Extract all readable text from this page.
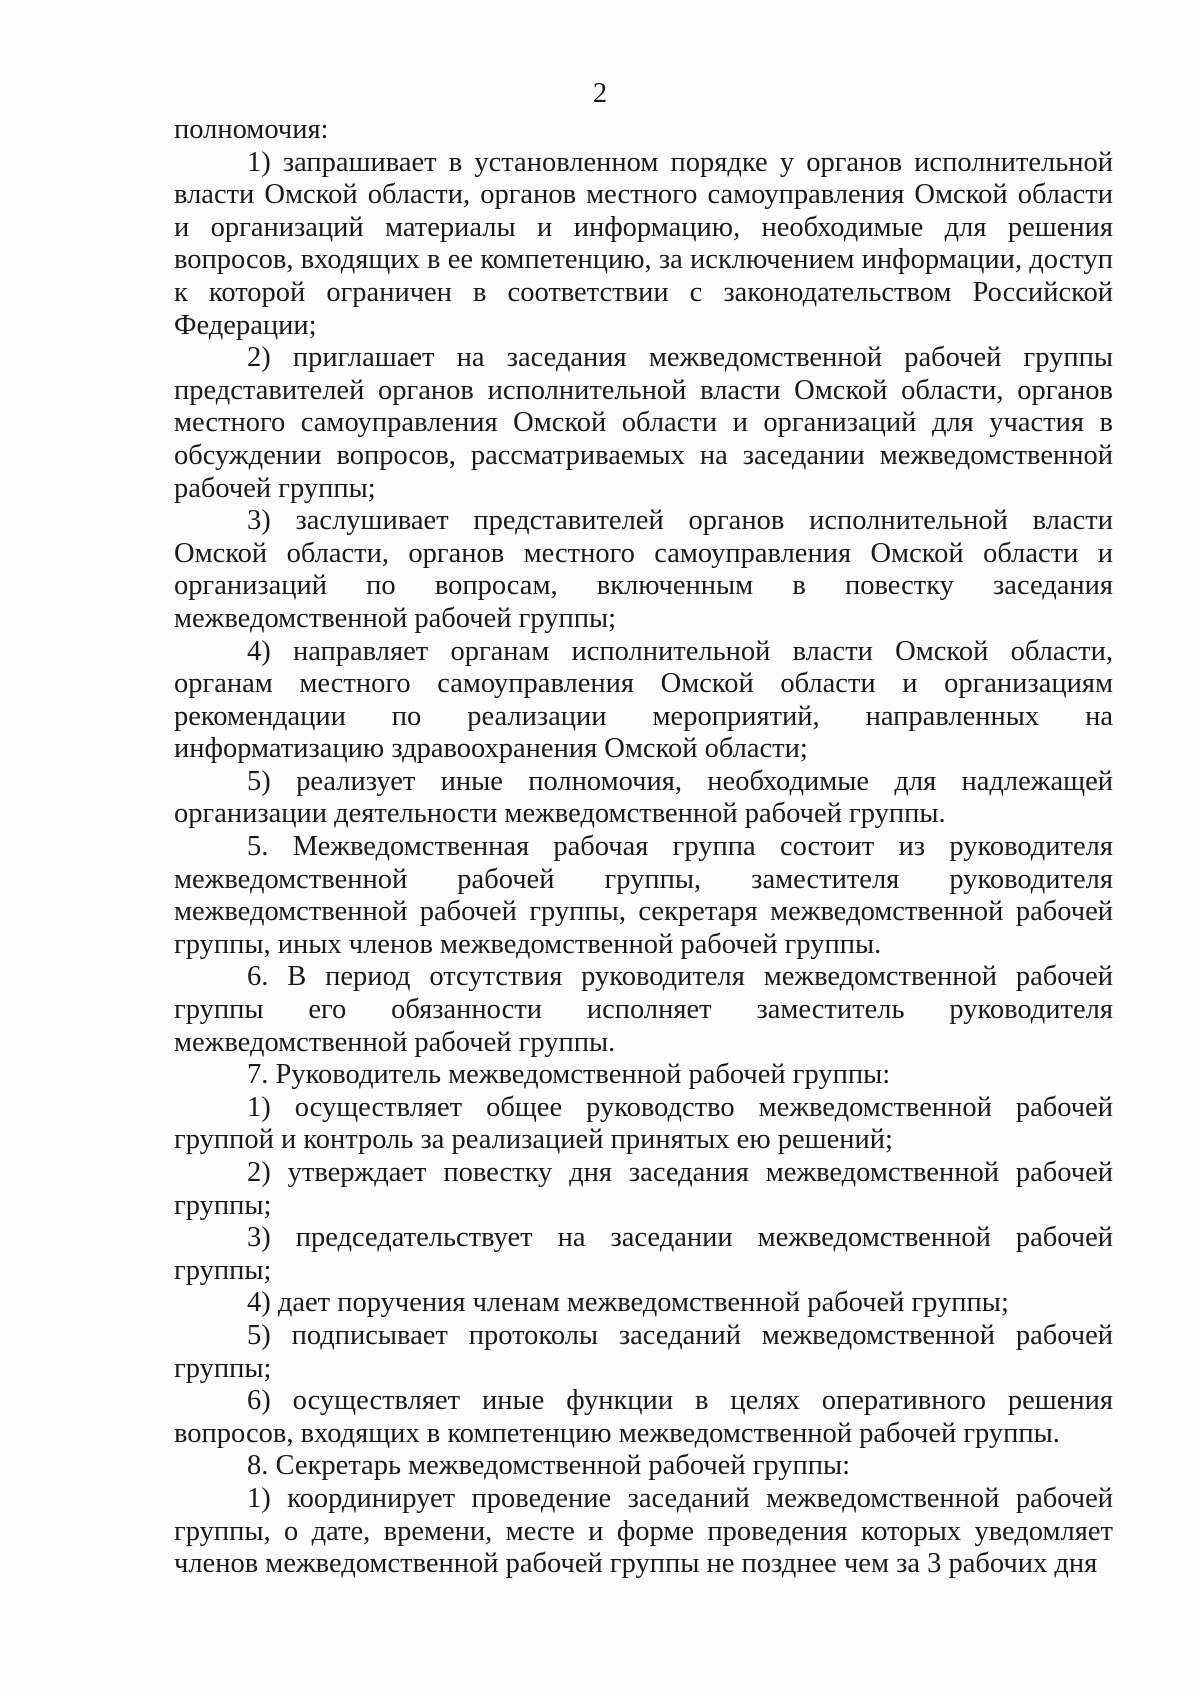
2

полномочия:

1) запрашивает в установленном порядке у органов исполнительной власти Омской области, органов местного самоуправления Омской области и организаций материалы и информацию, необходимые для решения вопросов, входящих в ее компетенцию, за исключением информации, доступ к которой ограничен в соответствии с законодательством Российской Федерации;

2) приглашает на заседания межведомственной рабочей группы представителей органов исполнительной власти Омской области, органов местного самоуправления Омской области и организаций для участия в обсуждении вопросов, рассматриваемых на заседании межведомственной рабочей группы;

3) заслушивает представителей органов исполнительной власти Омской области, органов местного самоуправления Омской области и организаций по вопросам, включенным в повестку заседания межведомственной рабочей группы;

4) направляет органам исполнительной власти Омской области, органам местного самоуправления Омской области и организациям рекомендации по реализации мероприятий, направленных на информатизацию здравоохранения Омской области;

5) реализует иные полномочия, необходимые для надлежащей организации деятельности межведомственной рабочей группы.

5. Межведомственная рабочая группа состоит из руководителя межведомственной рабочей группы, заместителя руководителя межведомственной рабочей группы, секретаря межведомственной рабочей группы, иных членов межведомственной рабочей группы.

6. В период отсутствия руководителя межведомственной рабочей группы его обязанности исполняет заместитель руководителя межведомственной рабочей группы.

7. Руководитель межведомственной рабочей группы:

1) осуществляет общее руководство межведомственной рабочей группой и контроль за реализацией принятых ею решений;

2) утверждает повестку дня заседания межведомственной рабочей группы;

3) председательствует на заседании межведомственной рабочей группы;

4) дает поручения членам межведомственной рабочей группы;

5) подписывает протоколы заседаний межведомственной рабочей группы;

6) осуществляет иные функции в целях оперативного решения вопросов, входящих в компетенцию межведомственной рабочей группы.

8. Секретарь межведомственной рабочей группы:

1) координирует проведение заседаний межведомственной рабочей группы, о дате, времени, месте и форме проведения которых уведомляет членов межведомственной рабочей группы не позднее чем за 3 рабочих дня
